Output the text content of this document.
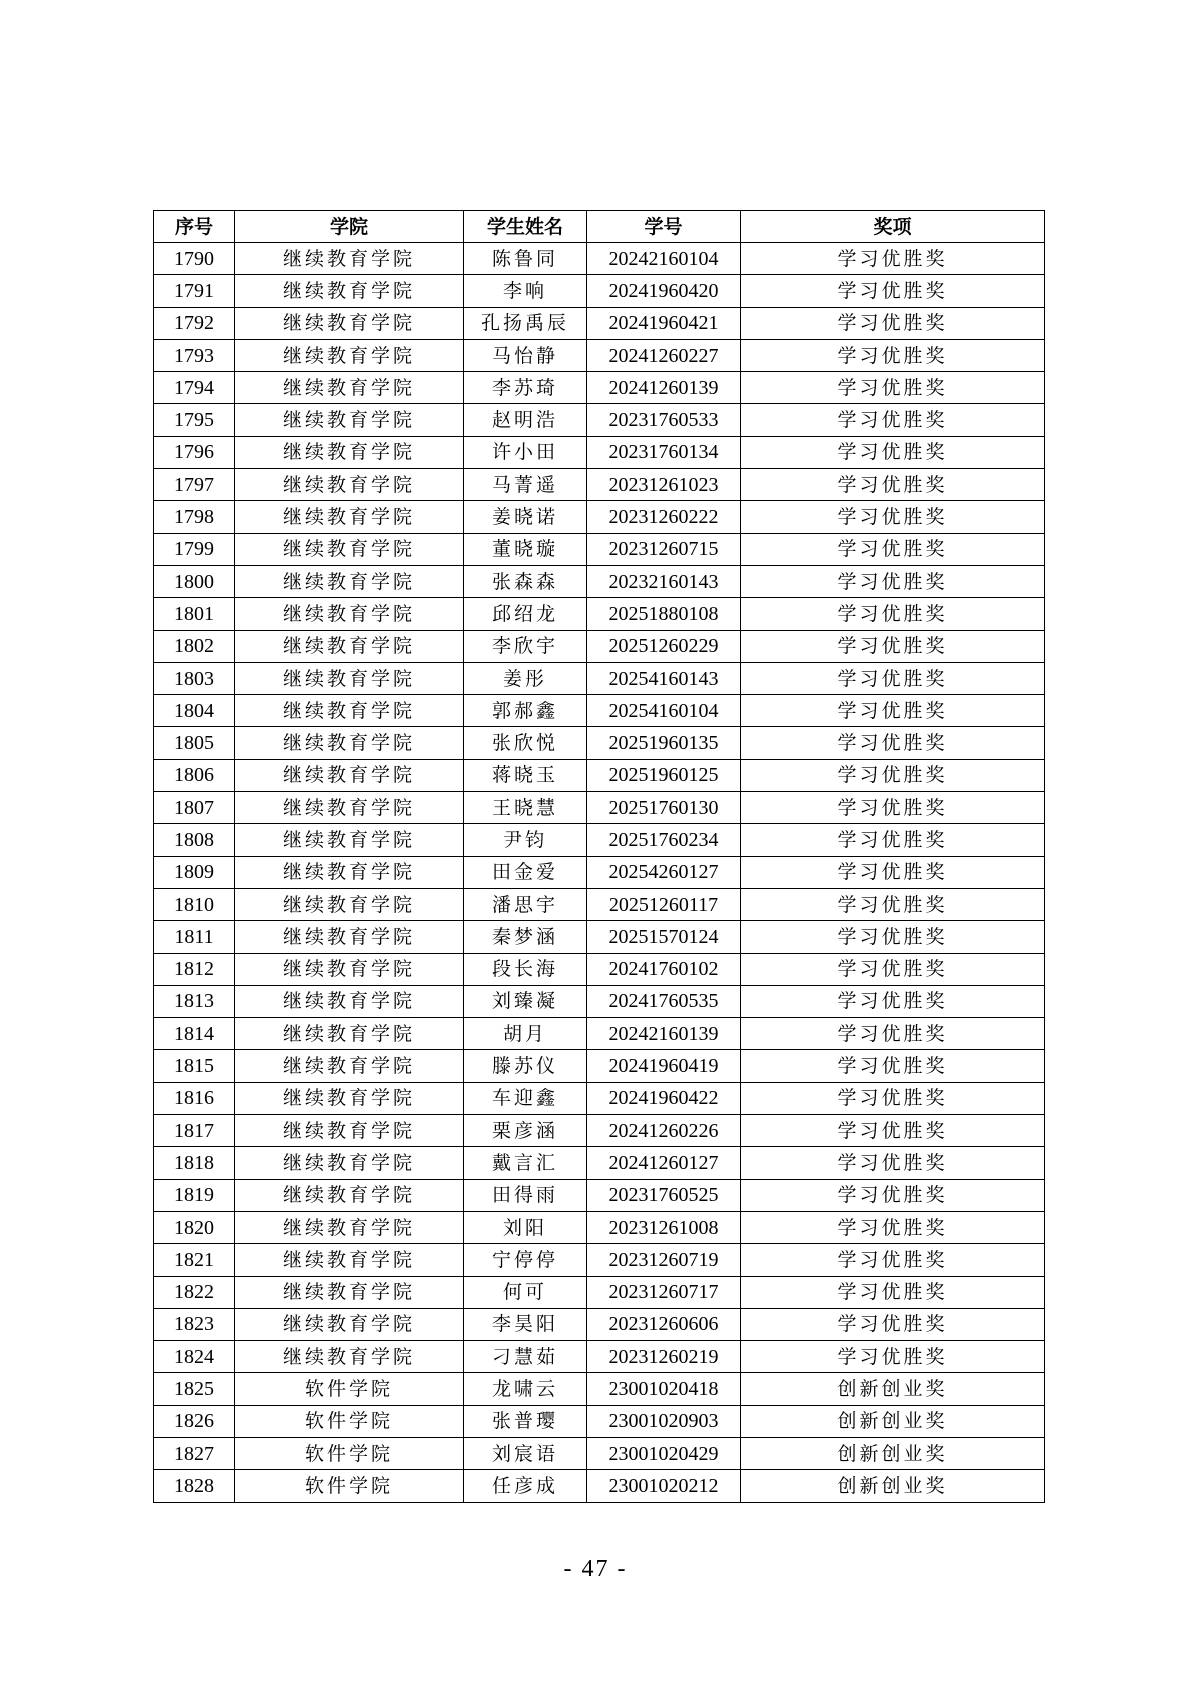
序号	学院	学生姓名	学号	奖项
1790	继续教育学院	陈鲁同	20242160104	学习优胜奖
1791	继续教育学院	李响	20241960420	学习优胜奖
1792	继续教育学院	孔扬禹辰	20241960421	学习优胜奖
1793	继续教育学院	马怡静	20241260227	学习优胜奖
1794	继续教育学院	李苏琦	20241260139	学习优胜奖
1795	继续教育学院	赵明浩	20231760533	学习优胜奖
1796	继续教育学院	许小田	20231760134	学习优胜奖
1797	继续教育学院	马菁遥	20231261023	学习优胜奖
1798	继续教育学院	姜晓诺	20231260222	学习优胜奖
1799	继续教育学院	董晓璇	20231260715	学习优胜奖
1800	继续教育学院	张森森	20232160143	学习优胜奖
1801	继续教育学院	邱绍龙	20251880108	学习优胜奖
1802	继续教育学院	李欣宇	20251260229	学习优胜奖
1803	继续教育学院	姜彤	20254160143	学习优胜奖
1804	继续教育学院	郭郝鑫	20254160104	学习优胜奖
1805	继续教育学院	张欣悦	20251960135	学习优胜奖
1806	继续教育学院	蒋晓玉	20251960125	学习优胜奖
1807	继续教育学院	王晓慧	20251760130	学习优胜奖
1808	继续教育学院	尹钧	20251760234	学习优胜奖
1809	继续教育学院	田金爱	20254260127	学习优胜奖
1810	继续教育学院	潘思宇	20251260117	学习优胜奖
1811	继续教育学院	秦梦涵	20251570124	学习优胜奖
1812	继续教育学院	段长海	20241760102	学习优胜奖
1813	继续教育学院	刘臻凝	20241760535	学习优胜奖
1814	继续教育学院	胡月	20242160139	学习优胜奖
1815	继续教育学院	滕苏仪	20241960419	学习优胜奖
1816	继续教育学院	车迎鑫	20241960422	学习优胜奖
1817	继续教育学院	栗彦涵	20241260226	学习优胜奖
1818	继续教育学院	戴言汇	20241260127	学习优胜奖
1819	继续教育学院	田得雨	20231760525	学习优胜奖
1820	继续教育学院	刘阳	20231261008	学习优胜奖
1821	继续教育学院	宁停停	20231260719	学习优胜奖
1822	继续教育学院	何可	20231260717	学习优胜奖
1823	继续教育学院	李昊阳	20231260606	学习优胜奖
1824	继续教育学院	刁慧茹	20231260219	学习优胜奖
1825	软件学院	龙啸云	23001020418	创新创业奖
1826	软件学院	张普璎	23001020903	创新创业奖
1827	软件学院	刘宸语	23001020429	创新创业奖
1828	软件学院	任彦成	23001020212	创新创业奖
- 47 -
